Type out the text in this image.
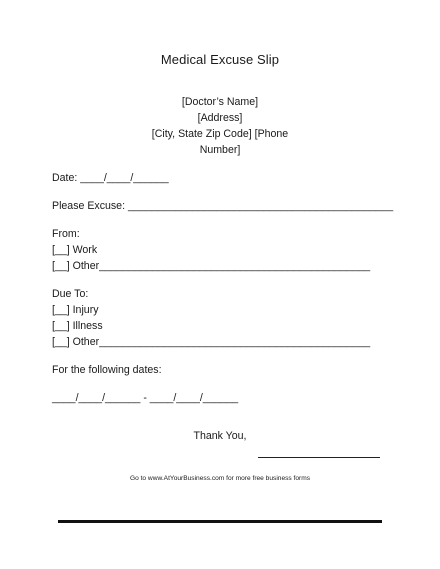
Medical Excuse Slip
[Doctor’s Name]
[Address]
[City, State Zip Code] [Phone
Number]
Date: ____/____/______
Please Excuse: _____________________________________________
From:
[__] Work
[__] Other______________________________________________
Due To:
[__] Injury
[__] Illness
[__] Other______________________________________________
For the following dates:
____/____/______ - ____/____/______
Thank You,
Go to www.AtYourBusiness.com for more free business forms
